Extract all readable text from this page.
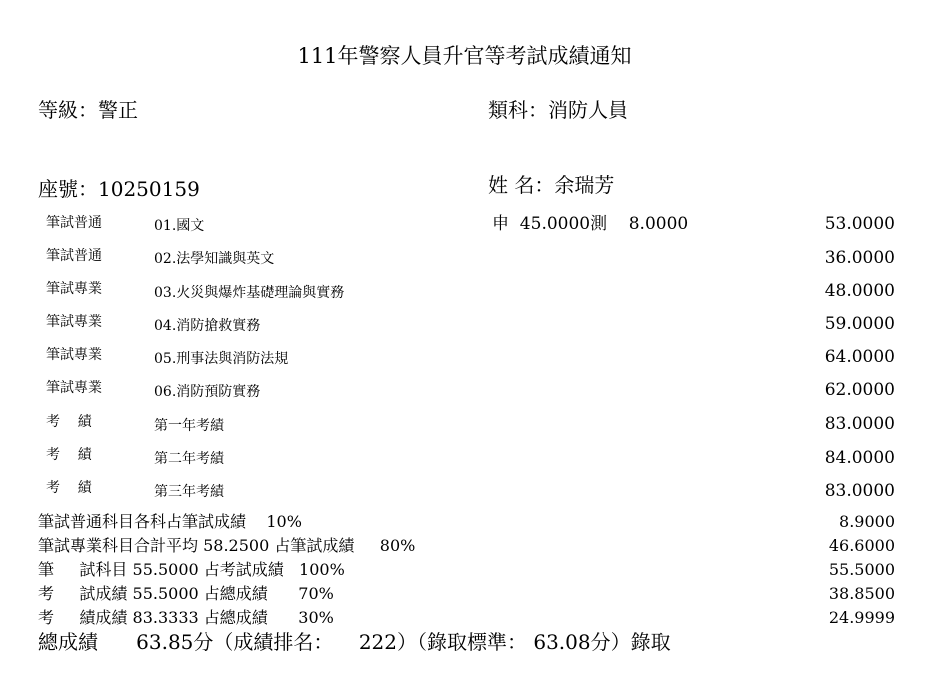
111年警察人員升官等考試成績通知
等級：警正	類科：消防人員
座號：10250159	姓 名：余瑞芳
筆試普通	01.國文	申  45.0000測    8.0000	53.0000
筆試普通	02.法學知識與英文	36.0000
筆試專業	03.火災與爆炸基礎理論與實務	48.0000
筆試專業	04.消防搶救實務	59.0000
筆試專業	05.刑事法與消防法規	64.0000
筆試專業	06.消防預防實務	62.0000
考    績	第一年考績	83.0000
考    績	第二年考績	84.0000
考    績	第三年考績	83.0000
筆試普通科目各科占筆試成績    10%	8.9000
筆試專業科目合計平均 58.2500 占筆試成績     80%	46.6000
筆     試科目 55.5000 占考試成績   100%	55.5000
考     試成績 55.5000 占總成績      70%	38.8500
考     績成績 83.3333 占總成績      30%	24.9999
總成績      63.85分（成績排名：    222）（錄取標準： 63.08分）錄取
